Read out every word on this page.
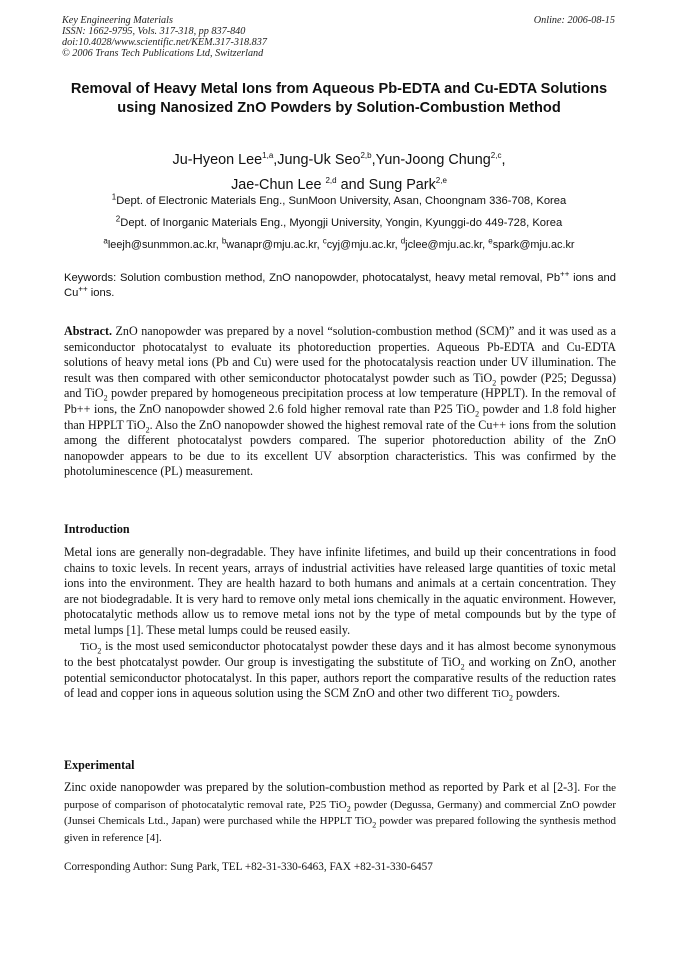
Key Engineering Materials
ISSN: 1662-9795, Vols. 317-318, pp 837-840
doi:10.4028/www.scientific.net/KEM.317-318.837
© 2006 Trans Tech Publications Ltd, Switzerland
Online: 2006-08-15
Removal of Heavy Metal Ions from Aqueous Pb-EDTA and Cu-EDTA Solutions using Nanosized ZnO Powders by Solution-Combustion Method
Ju-Hyeon Lee$^{1,a}$,Jung-Uk Seo$^{2,b}$,Yun-Joong Chung$^{2,c}$,
Jae-Chun Lee $^{2,d}$ and Sung Park$^{2,e}$
$^1$Dept. of Electronic Materials Eng., SunMoon University, Asan, Choongnam 336-708, Korea
$^2$Dept. of Inorganic Materials Eng., Myongji University, Yongin, Kyunggi-do 449-728, Korea
$^a$leejh@sunmmon.ac.kr, $^b$wanapr@mju.ac.kr, $^c$cyj@mju.ac.kr, $^d$jclee@mju.ac.kr, $^e$spark@mju.ac.kr
Keywords: Solution combustion method, ZnO nanopowder, photocatalyst, heavy metal removal, Pb++ ions and Cu++ ions.
Abstract. ZnO nanopowder was prepared by a novel “solution-combustion method (SCM)” and it was used as a semiconductor photocatalyst to evaluate its photoreduction properties. Aqueous Pb-EDTA and Cu-EDTA solutions of heavy metal ions (Pb and Cu) were used for the photocatalysis reaction under UV illumination. The result was then compared with other semiconductor photocatalyst powder such as TiO$_2$ powder (P25; Degussa) and TiO$_2$ powder prepared by homogeneous precipitation process at low temperature (HPPLT). In the removal of Pb++ ions, the ZnO nanopowder showed 2.6 fold higher removal rate than P25 TiO$_2$ powder and 1.8 fold higher than HPPLT TiO$_2$. Also the ZnO nanopowder showed the highest removal rate of the Cu++ ions from the solution among the different photocatalyst powders compared. The superior photoreduction ability of the ZnO nanopowder appears to be due to its excellent UV absorption characteristics. This was confirmed by the photoluminescence (PL) measurement.
Introduction
Metal ions are generally non-degradable. They have infinite lifetimes, and build up their concentrations in food chains to toxic levels. In recent years, arrays of industrial activities have released large quantities of toxic metal ions into the environment. They are health hazard to both humans and animals at a certain concentration. They are not biodegradable. It is very hard to remove only metal ions chemically in the aquatic environment. However, photocatalytic methods allow us to remove metal ions not by the type of metal compounds but by the type of metal lumps [1]. These metal lumps could be reused easily.
TiO$_2$ is the most used semiconductor photocatalyst powder these days and it has almost become synonymous to the best photcatalyst powder. Our group is investigating the substitute of TiO$_2$ and working on ZnO, another potential semiconductor photocatalyst. In this paper, authors report the comparative results of the reduction rates of lead and copper ions in aqueous solution using the SCM ZnO and other two different TiO$_2$ powders.
Experimental
Zinc oxide nanopowder was prepared by the solution-combustion method as reported by Park et al [2-3]. For the purpose of comparison of photocatalytic removal rate, P25 TiO$_2$ powder (Degussa, Germany) and commercial ZnO powder (Junsei Chemicals Ltd., Japan) were purchased while the HPPLT TiO$_2$ powder was prepared following the synthesis method given in reference [4].
Corresponding Author: Sung Park, TEL +82-31-330-6463, FAX +82-31-330-6457
